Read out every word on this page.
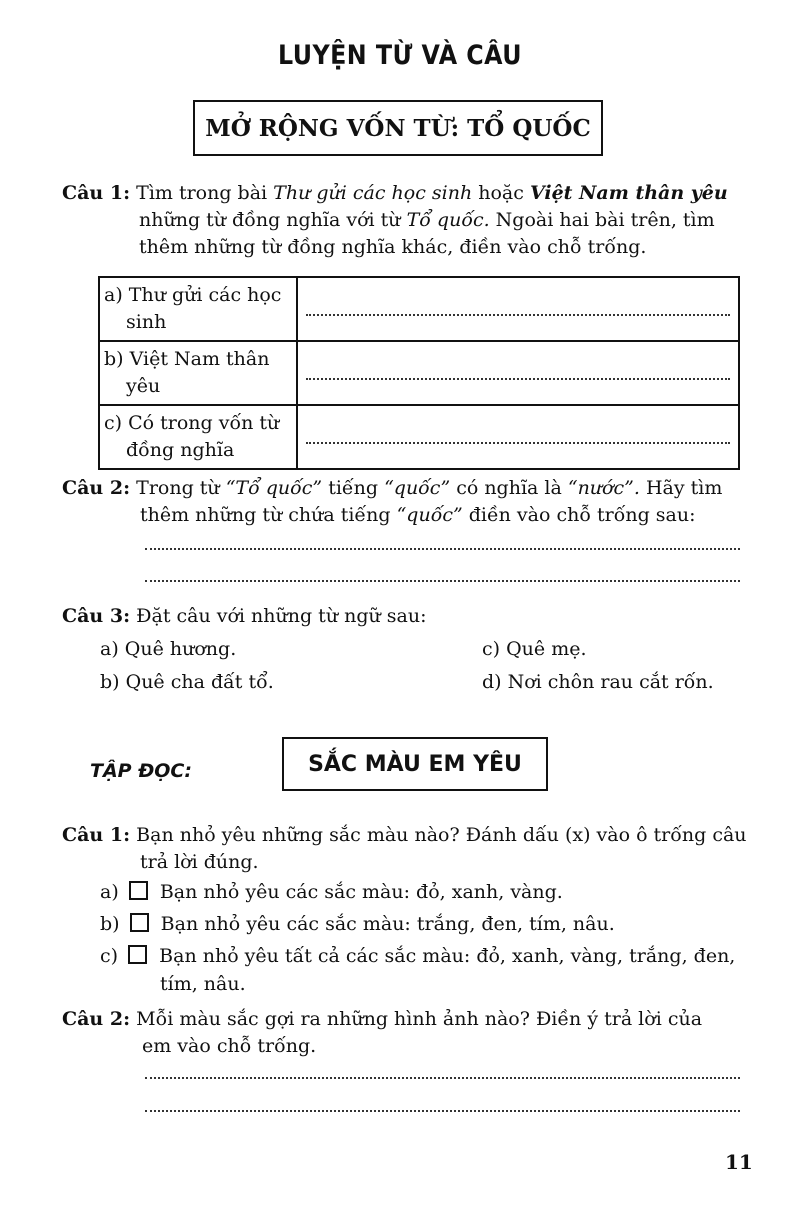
LUYỆN TỪ VÀ CÂU
MỞ RỘNG VỐN TỪ: TỔ QUỐC
Câu 1: Tìm trong bài Thư gửi các học sinh hoặc Việt Nam thân yêu
những từ đồng nghĩa với từ Tổ quốc. Ngoài hai bài trên, tìm
thêm những từ đồng nghĩa khác, điền vào chỗ trống.
a) Thư gửi các học
sinh	

b) Việt Nam thân
yêu	

c) Có trong vốn từ
đồng nghĩa	

Câu 2: Trong từ “Tổ quốc” tiếng “quốc” có nghĩa là “nước”. Hãy tìm
thêm những từ chứa tiếng “quốc” điền vào chỗ trống sau:
Câu 3: Đặt câu với những từ ngữ sau:
a) Quê hương.
b) Quê cha đất tổ.
c) Quê mẹ.
d) Nơi chôn rau cắt rốn.
TẬP ĐỌC:	SẮC MÀU EM YÊU
Câu 1: Bạn nhỏ yêu những sắc màu nào? Đánh dấu (x) vào ô trống câu
trả lời đúng.
a) Bạn nhỏ yêu các sắc màu: đỏ, xanh, vàng.
b) Bạn nhỏ yêu các sắc màu: trắng, đen, tím, nâu.
c) Bạn nhỏ yêu tất cả các sắc màu: đỏ, xanh, vàng, trắng, đen,
tím, nâu.
Câu 2: Mỗi màu sắc gợi ra những hình ảnh nào? Điền ý trả lời của
em vào chỗ trống.
11
